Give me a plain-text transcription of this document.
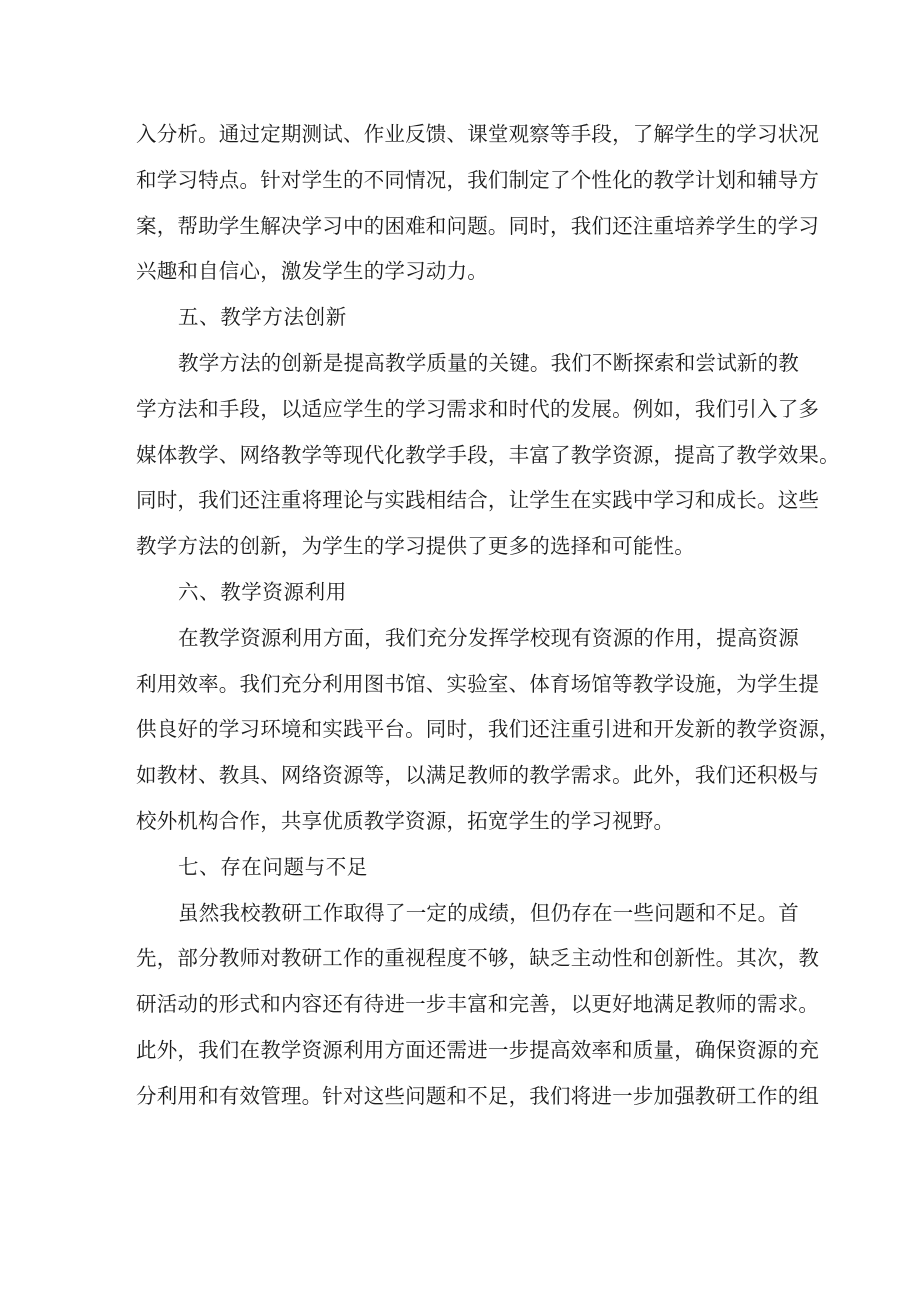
入分析。通过定期测试、作业反馈、课堂观察等手段，了解学生的学习状况
和学习特点。针对学生的不同情况，我们制定了个性化的教学计划和辅导方
案，帮助学生解决学习中的困难和问题。同时，我们还注重培养学生的学习
兴趣和自信心，激发学生的学习动力。
五、教学方法创新
教学方法的创新是提高教学质量的关键。我们不断探索和尝试新的教
学方法和手段，以适应学生的学习需求和时代的发展。例如，我们引入了多
媒体教学、网络教学等现代化教学手段，丰富了教学资源，提高了教学效果。
同时，我们还注重将理论与实践相结合，让学生在实践中学习和成长。这些
教学方法的创新，为学生的学习提供了更多的选择和可能性。
六、教学资源利用
在教学资源利用方面，我们充分发挥学校现有资源的作用，提高资源
利用效率。我们充分利用图书馆、实验室、体育场馆等教学设施，为学生提
供良好的学习环境和实践平台。同时，我们还注重引进和开发新的教学资源，
如教材、教具、网络资源等，以满足教师的教学需求。此外，我们还积极与
校外机构合作，共享优质教学资源，拓宽学生的学习视野。
七、存在问题与不足
虽然我校教研工作取得了一定的成绩，但仍存在一些问题和不足。首
先，部分教师对教研工作的重视程度不够，缺乏主动性和创新性。其次，教
研活动的形式和内容还有待进一步丰富和完善，以更好地满足教师的需求。
此外，我们在教学资源利用方面还需进一步提高效率和质量，确保资源的充
分利用和有效管理。针对这些问题和不足，我们将进一步加强教研工作的组
